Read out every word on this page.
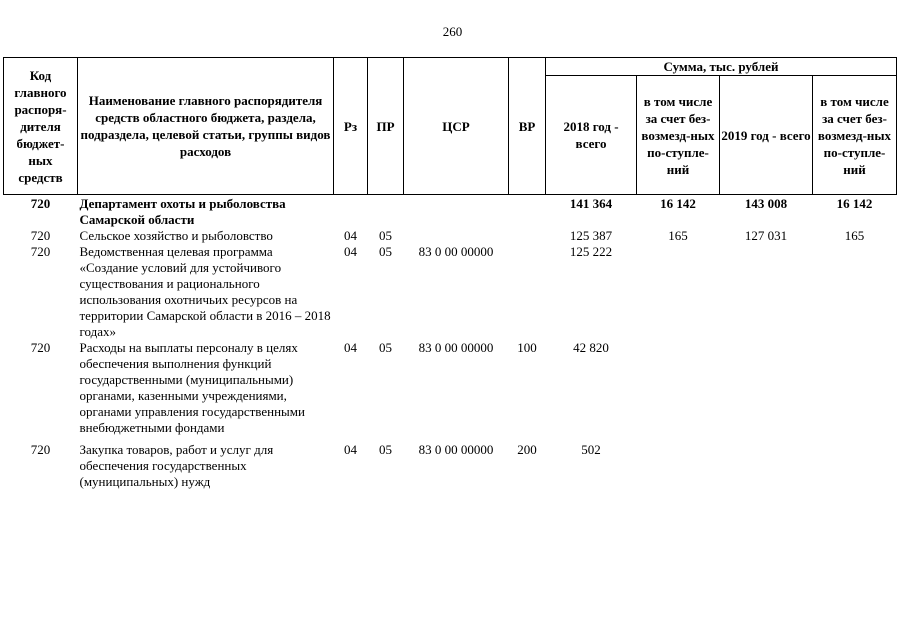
260
Код главного распоря-дителя бюджет-ных средств	Наименование главного распорядителя средств областного бюджета, раздела, подраздела, целевой статьи, группы видов расходов	Рз	ПР	ЦСР	ВР	Сумма, тыс. рублей			
						2018 год - всего	в том числе за счет без-возмезд-ных по-ступле-ний	2019 год - всего	в том числе за счет без-возмезд-ных по-ступле-ний
720	Департамент охоты и рыболовства Самарской области					141 364	16 142	143 008	16 142
720	Сельское хозяйство и рыболовство	04	05			125 387	165	127 031	165
720	Ведомственная целевая программа «Создание условий для устойчивого существования и рационального использования охотничьих ресурсов на территории Самарской области в 2016 – 2018 годах»	04	05	83 0 00 00000		125 222			
720	Расходы на выплаты персоналу в целях обеспечения выполнения функций государственными (муниципальными) органами, казенными учреждениями, органами управления государственными внебюджетными фондами	04	05	83 0 00 00000	100	42 820			

720	Закупка товаров, работ и услуг для обеспечения государственных (муниципальных) нужд	04	05	83 0 00 00000	200	502			
